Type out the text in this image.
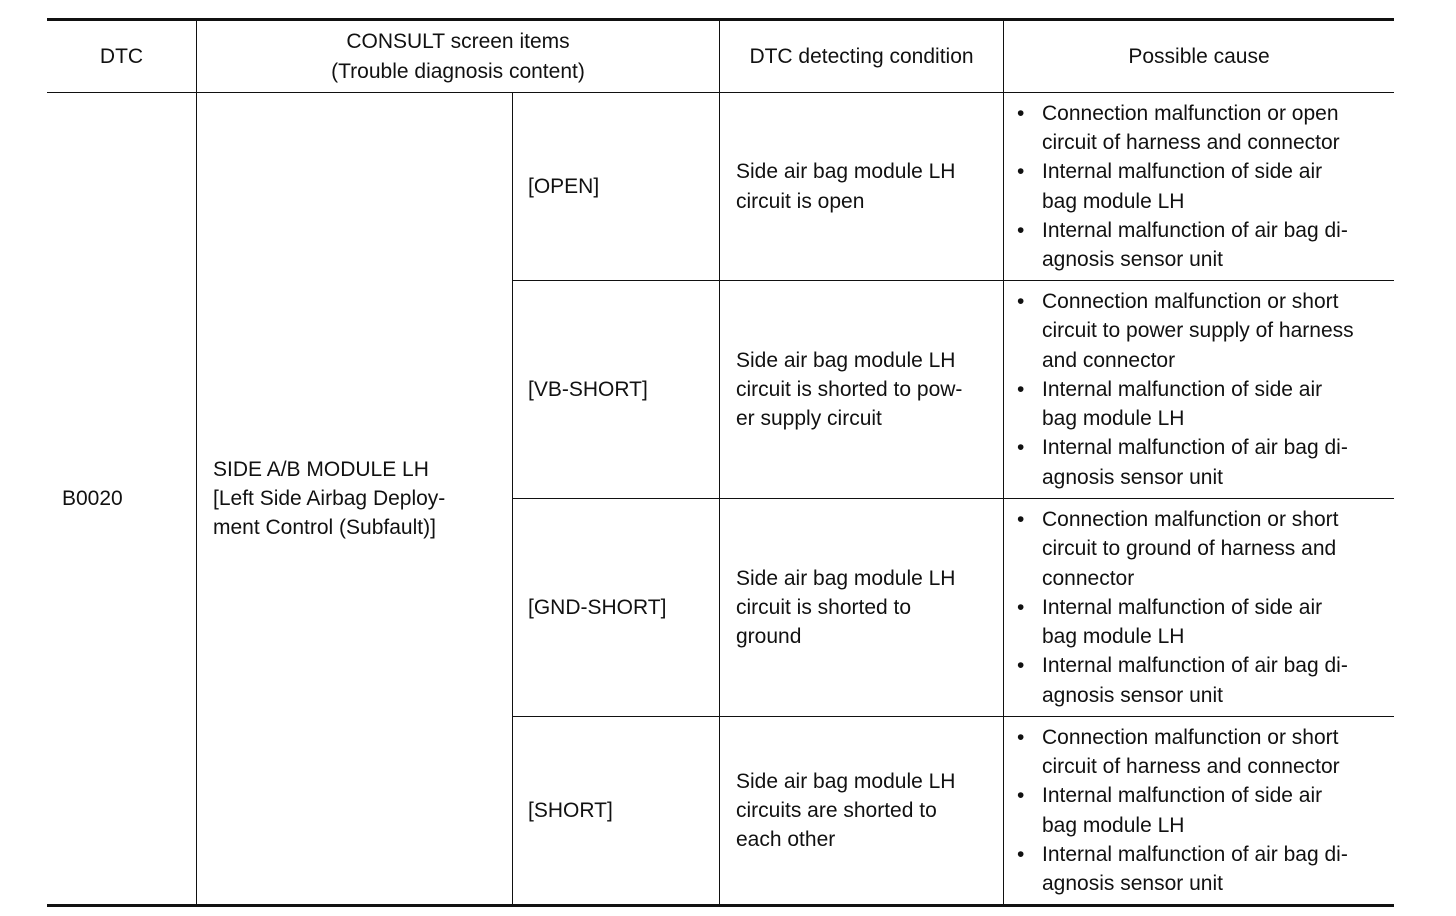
DTC
CONSULT screen items
(Trouble diagnosis content)
DTC detecting condition	Possible cause
B0020
SIDE A/B MODULE LH
[Left Side Airbag Deploy-
ment Control (Subfault)]
[OPEN]
Side air bag module LH
circuit is open
• Connection malfunction or open
circuit of harness and connector
• Internal malfunction of side air
bag module LH
• Internal malfunction of air bag di-
agnosis sensor unit
[VB-SHORT]
Side air bag module LH
circuit is shorted to pow-
er supply circuit
• Connection malfunction or short
circuit to power supply of harness
and connector
• Internal malfunction of side air
bag module LH
• Internal malfunction of air bag di-
agnosis sensor unit
[GND-SHORT]
Side air bag module LH
circuit is shorted to
ground
• Connection malfunction or short
circuit to ground of harness and
connector
• Internal malfunction of side air
bag module LH
• Internal malfunction of air bag di-
agnosis sensor unit
[SHORT]
Side air bag module LH
circuits are shorted to
each other
• Connection malfunction or short
circuit of harness and connector
• Internal malfunction of side air
bag module LH
• Internal malfunction of air bag di-
agnosis sensor unit
